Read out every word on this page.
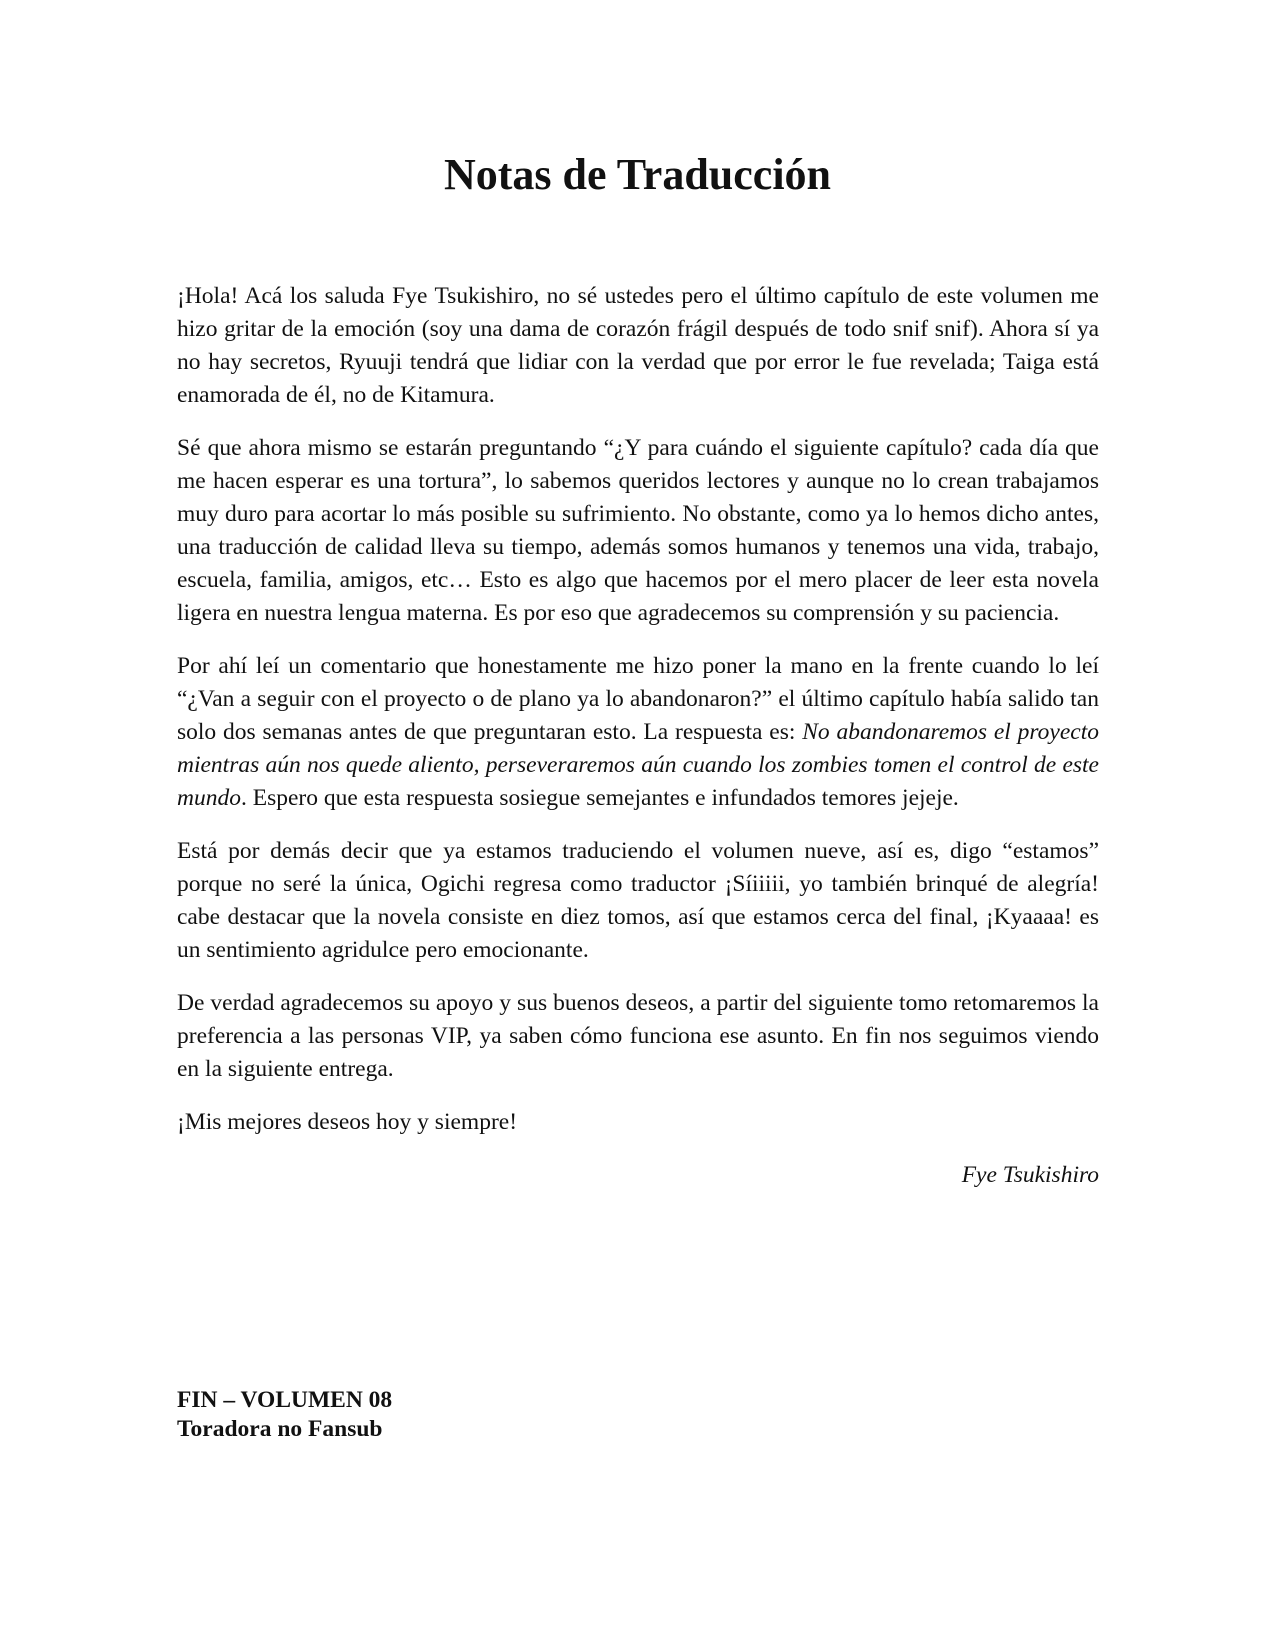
Notas de Traducción

¡Hola! Acá los saluda Fye Tsukishiro, no sé ustedes pero el último capítulo de este volumen me hizo gritar de la emoción (soy una dama de corazón frágil después de todo snif snif). Ahora sí ya no hay secretos, Ryuuji tendrá que lidiar con la verdad que por error le fue revelada; Taiga está enamorada de él, no de Kitamura.

Sé que ahora mismo se estarán preguntando “¿Y para cuándo el siguiente capítulo? cada día que me hacen esperar es una tortura”, lo sabemos queridos lectores y aunque no lo crean trabajamos muy duro para acortar lo más posible su sufrimiento. No obstante, como ya lo hemos dicho antes, una traducción de calidad lleva su tiempo, además somos humanos y tenemos una vida, trabajo, escuela, familia, amigos, etc… Esto es algo que hacemos por el mero placer de leer esta novela ligera en nuestra lengua materna. Es por eso que agradecemos su comprensión y su paciencia.

Por ahí leí un comentario que honestamente me hizo poner la mano en la frente cuando lo leí “¿Van a seguir con el proyecto o de plano ya lo abandonaron?” el último capítulo había salido tan solo dos semanas antes de que preguntaran esto. La respuesta es: No abandonaremos el proyecto mientras aún nos quede aliento, perseveraremos aún cuando los zombies tomen el control de este mundo. Espero que esta respuesta sosiegue semejantes e infundados temores jejeje.

Está por demás decir que ya estamos traduciendo el volumen nueve, así es, digo “estamos” porque no seré la única, Ogichi regresa como traductor ¡Síiiiii, yo también brinqué de alegría! cabe destacar que la novela consiste en diez tomos, así que estamos cerca del final, ¡Kyaaaa! es un sentimiento agridulce pero emocionante.

De verdad agradecemos su apoyo y sus buenos deseos, a partir del siguiente tomo retomaremos la preferencia a las personas VIP, ya saben cómo funciona ese asunto. En fin nos seguimos viendo en la siguiente entrega.

¡Mis mejores deseos hoy y siempre!

Fye Tsukishiro

FIN – VOLUMEN 08
Toradora no Fansub
